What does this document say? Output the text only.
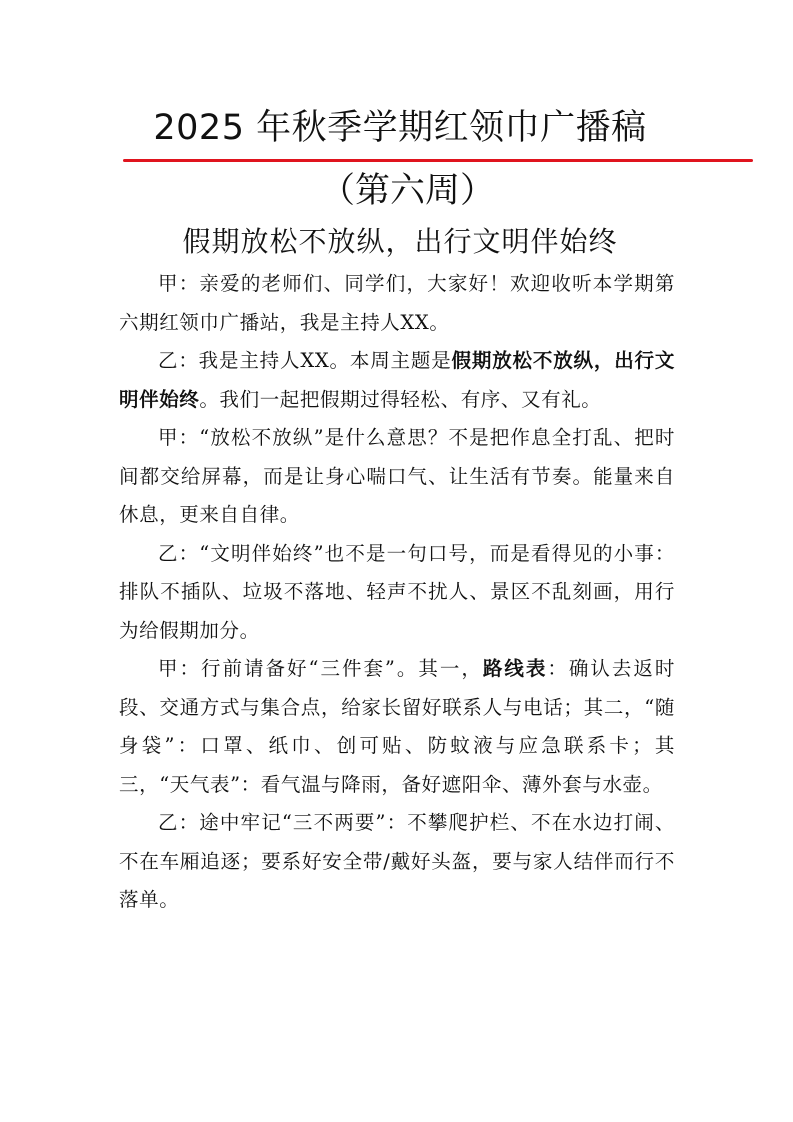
2025 年秋季学期红领巾广播稿
（第六周）
假期放松不放纵，出行文明伴始终

甲：亲爱的老师们、同学们，大家好！欢迎收听本学期第六期红领巾广播站，我是主持人XX。

乙：我是主持人XX。本周主题是假期放松不放纵，出行文明伴始终。我们一起把假期过得轻松、有序、又有礼。

甲：“放松不放纵”是什么意思？不是把作息全打乱、把时间都交给屏幕，而是让身心喘口气、让生活有节奏。能量来自休息，更来自自律。

乙：“文明伴始终”也不是一句口号，而是看得见的小事：排队不插队、垃圾不落地、轻声不扰人、景区不乱刻画，用行为给假期加分。

甲：行前请备好“三件套”。其一，路线表：确认去返时段、交通方式与集合点，给家长留好联系人与电话；其二，“随身袋”：口罩、纸巾、创可贴、防蚊液与应急联系卡；其三，“天气表”：看气温与降雨，备好遮阳伞、薄外套与水壶。

乙：途中牢记“三不两要”：不攀爬护栏、不在水边打闹、不在车厢追逐；要系好安全带/戴好头盔，要与家人结伴而行不落单。
